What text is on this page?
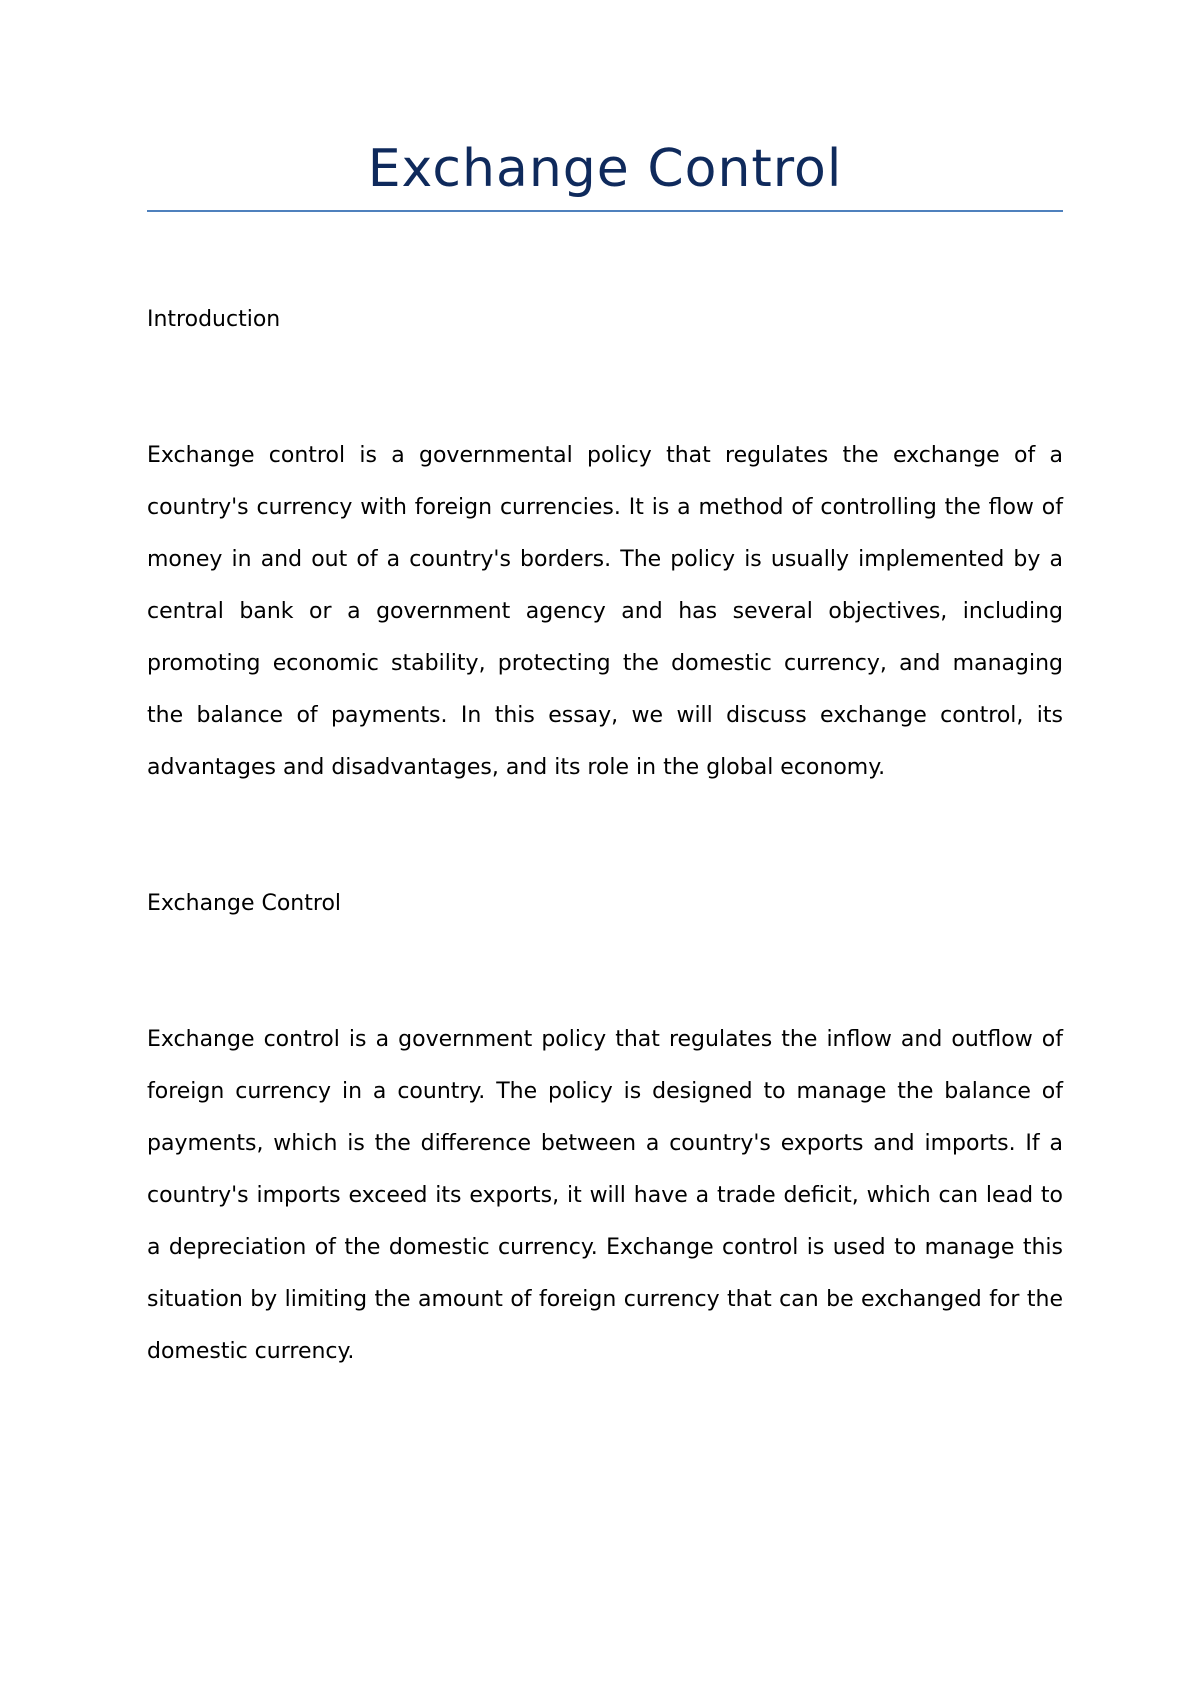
Exchange Control
Introduction

Exchange control is a governmental policy that regulates the exchange of a country's currency with foreign currencies. It is a method of controlling the flow of money in and out of a country's borders. The policy is usually implemented by a central bank or a government agency and has several objectives, including promoting economic stability, protecting the domestic currency, and managing the balance of payments. In this essay, we will discuss exchange control, its advantages and disadvantages, and its role in the global economy.

Exchange Control

Exchange control is a government policy that regulates the inflow and outflow of foreign currency in a country. The policy is designed to manage the balance of payments, which is the difference between a country's exports and imports. If a country's imports exceed its exports, it will have a trade deficit, which can lead to a depreciation of the domestic currency. Exchange control is used to manage this situation by limiting the amount of foreign currency that can be exchanged for the domestic currency.
